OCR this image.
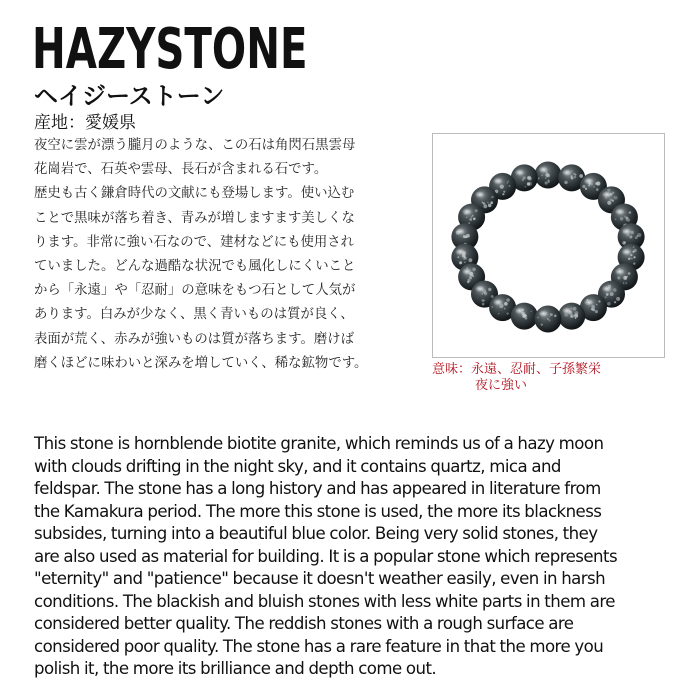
HAZYSTONE
ヘイジーストーン
産地：愛媛県

夜空に雲が漂う朧月のような、この石は角閃石黒雲母

花崗岩で、石英や雲母、長石が含まれる石です。

歴史も古く鎌倉時代の文献にも登場します。使い込む

ことで黒味が落ち着き、青みが増しますます美しくな

ります。非常に強い石なので、建材などにも使用され

ていました。どんな過酷な状況でも風化しにくいこと

から「永遠」や「忍耐」の意味をもつ石として人気が

あります。白みが少なく、黒く青いものは質が良く、

表面が荒く、赤みが強いものは質が落ちます。磨けば

磨くほどに味わいと深みを増していく、稀な鉱物です。	意味：永遠、忍耐、子孫繁栄
夜に強い

This stone is hornblende biotite granite, which reminds us of a hazy moon

with clouds drifting in the night sky, and it contains quartz, mica and

feldspar. The stone has a long history and has appeared in literature from

the Kamakura period. The more this stone is used, the more its blackness

subsides, turning into a beautiful blue color. Being very solid stones, they

are also used as material for building. It is a popular stone which represents

"eternity" and "patience" because it doesn't weather easily, even in harsh

conditions. The blackish and bluish stones with less white parts in them are

considered better quality. The reddish stones with a rough surface are

considered poor quality. The stone has a rare feature in that the more you

polish it, the more its brilliance and depth come out.
